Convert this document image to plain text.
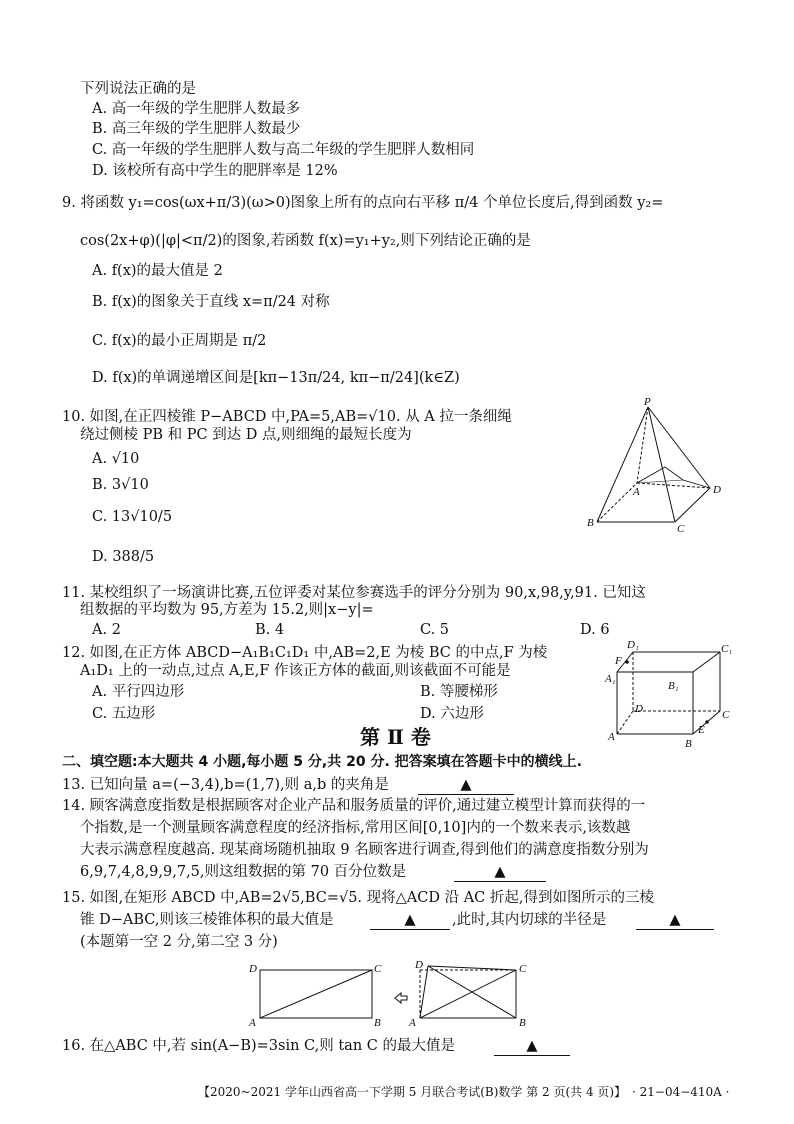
下列说法正确的是
A. 高一年级的学生肥胖人数最多
B. 高三年级的学生肥胖人数最少
C. 高一年级的学生肥胖人数与高二年级的学生肥胖人数相同
D. 该校所有高中学生的肥胖率是 12%
9. 将函数 y₁=cos(ωx+π/3)(ω>0)图象上所有的点向右平移 π/4 个单位长度后,得到函数 y₂=
cos(2x+φ)(|φ|<π/2)的图象,若函数 f(x)=y₁+y₂,则下列结论正确的是
A. f(x)的最大值是 2
B. f(x)的图象关于直线 x=π/24 对称
C. f(x)的最小正周期是 π/2
D. f(x)的单调递增区间是[kπ−13π/24, kπ−π/24](k∈Z)
10. 如图,在正四棱锥 P−ABCD 中,PA=5,AB=√10. 从 A 拉一条细绳
绕过侧棱 PB 和 PC 到达 D 点,则细绳的最短长度为
A. √10
B. 3√10
C. 13√10/5
D. 388/5
P
A
B	C
D
11. 某校组织了一场演讲比赛,五位评委对某位参赛选手的评分分别为 90,x,98,y,91. 已知这
组数据的平均数为 95,方差为 15.2,则|x−y|=
A. 2	B. 4	C. 5	D. 6
12. 如图,在正方体 ABCD−A₁B₁C₁D₁ 中,AB=2,E 为棱 BC 的中点,F 为棱
A₁D₁ 上的一动点,过点 A,E,F 作该正方体的截面,则该截面不可能是
A. 平行四边形	B. 等腰梯形
C. 五边形	D. 六边形
D₁	C₁
F
A₁
B₁
D	C
A
E
B
第 Ⅱ 卷
二、填空题:本大题共 4 小题,每小题 5 分,共 20 分. 把答案填在答题卡中的横线上.
13. 已知向量 a=(−3,4),b=(1,7),则 a,b 的夹角是	▲
14. 顾客满意度指数是根据顾客对企业产品和服务质量的评价,通过建立模型计算而获得的一
个指数,是一个测量顾客满意程度的经济指标,常用区间[0,10]内的一个数来表示,该数越
大表示满意程度越高. 现某商场随机抽取 9 名顾客进行调查,得到他们的满意度指数分别为
6,9,7,4,8,9,9,7,5,则这组数据的第 70 百分位数是	▲
15. 如图,在矩形 ABCD 中,AB=2√5,BC=√5. 现将△ACD 沿 AC 折起,得到如图所示的三棱
锥 D−ABC,则该三棱锥体积的最大值是	▲	,此时,其内切球的半径是	▲
(本题第一空 2 分,第二空 3 分)
D	C
A	B
D	C
A	B
16. 在△ABC 中,若 sin(A−B)=3sin C,则 tan C 的最大值是	▲
【2020~2021 学年山西省高一下学期 5 月联合考试(B)数学 第 2 页(共 4 页)】 · 21−04−410A ·
